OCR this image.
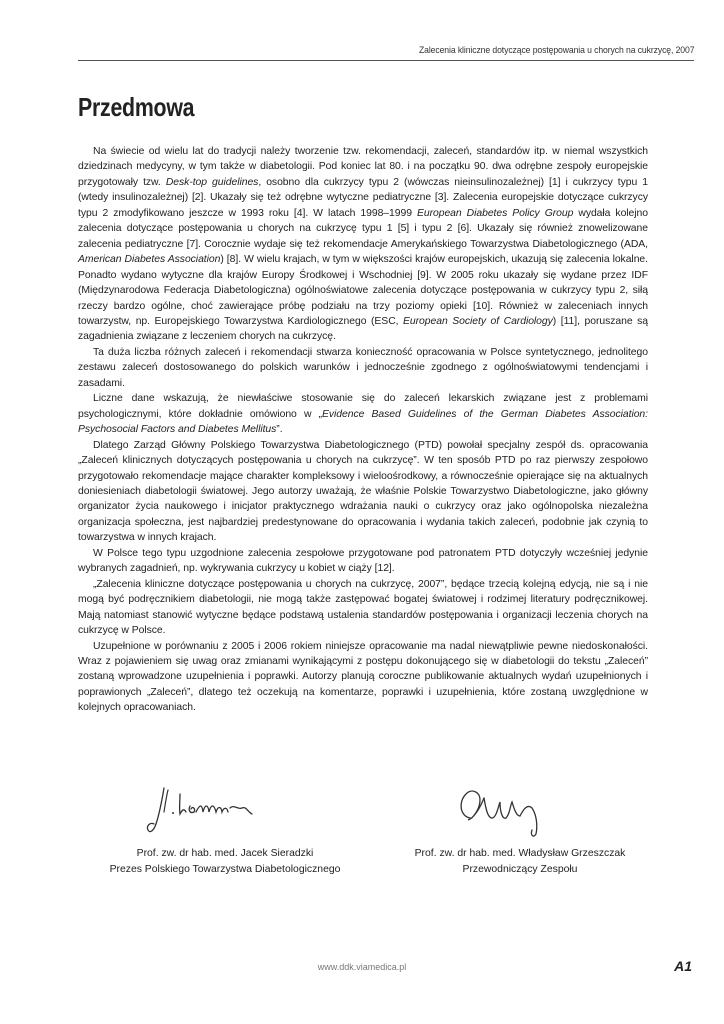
Zalecenia kliniczne dotyczące postępowania u chorych na cukrzycę, 2007
Przedmowa

Na świecie od wielu lat do tradycji należy tworzenie tzw. rekomendacji, zaleceń, standardów itp. w niemal wszystkich dziedzinach medycyny, w tym także w diabetologii. Pod koniec lat 80. i na początku 90. dwa odrębne zespoły europejskie przygotowały tzw. Desk-top guidelines, osobno dla cukrzycy typu 2 (wówczas nieinsulinozależnej) [1] i cukrzycy typu 1 (wtedy insulinozależnej) [2]. Ukazały się też odrębne wytyczne pediatryczne [3]. Zalecenia europejskie dotyczące cukrzycy typu 2 zmodyfikowano jeszcze w 1993 roku [4]. W latach 1998–1999 European Diabetes Policy Group wydała kolejno zalecenia dotyczące postępowania u chorych na cukrzycę typu 1 [5] i typu 2 [6]. Ukazały się również znowelizowane zalecenia pediatryczne [7]. Corocznie wydaje się też rekomendacje Amerykańskiego Towarzystwa Diabetologicznego (ADA, American Diabetes Association) [8]. W wielu krajach, w tym w większości krajów europejskich, ukazują się zalecenia lokalne. Ponadto wydano wytyczne dla krajów Europy Środkowej i Wschodniej [9]. W 2005 roku ukazały się wydane przez IDF (Międzynarodowa Federacja Diabetologiczna) ogólnoświatowe zalecenia dotyczące postępowania w cukrzycy typu 2, siłą rzeczy bardzo ogólne, choć zawierające próbę podziału na trzy poziomy opieki [10]. Również w zaleceniach innych towarzystw, np. Europejskiego Towarzystwa Kardiologicznego (ESC, European Society of Cardiology) [11], poruszane są zagadnienia związane z leczeniem chorych na cukrzycę.

Ta duża liczba różnych zaleceń i rekomendacji stwarza konieczność opracowania w Polsce syntetycznego, jednolitego zestawu zaleceń dostosowanego do polskich warunków i jednocześnie zgodnego z ogólnoświatowymi tendencjami i zasadami.

Liczne dane wskazują, że niewłaściwe stosowanie się do zaleceń lekarskich związane jest z problemami psychologicznymi, które dokładnie omówiono w „Evidence Based Guidelines of the German Diabetes Association: Psychosocial Factors and Diabetes Mellitus”.

Dlatego Zarząd Główny Polskiego Towarzystwa Diabetologicznego (PTD) powołał specjalny zespół ds. opracowania „Zaleceń klinicznych dotyczących postępowania u chorych na cukrzycę”. W ten sposób PTD po raz pierwszy zespołowo przygotowało rekomendacje mające charakter kompleksowy i wieloośrodkowy, a równocześnie opierające się na aktualnych doniesieniach diabetologii światowej. Jego autorzy uważają, że właśnie Polskie Towarzystwo Diabetologiczne, jako główny organizator życia naukowego i inicjator praktycznego wdrażania nauki o cukrzycy oraz jako ogólnopolska niezależna organizacja społeczna, jest najbardziej predestynowane do opracowania i wydania takich zaleceń, podobnie jak czynią to towarzystwa w innych krajach.

W Polsce tego typu uzgodnione zalecenia zespołowe przygotowane pod patronatem PTD dotyczyły wcześniej jedynie wybranych zagadnień, np. wykrywania cukrzycy u kobiet w ciąży [12].

„Zalecenia kliniczne dotyczące postępowania u chorych na cukrzycę, 2007”, będące trzecią kolejną edycją, nie są i nie mogą być podręcznikiem diabetologii, nie mogą także zastępować bogatej światowej i rodzimej literatury podręcznikowej. Mają natomiast stanowić wytyczne będące podstawą ustalenia standardów postępowania i organizacji leczenia chorych na cukrzycę w Polsce.

Uzupełnione w porównaniu z 2005 i 2006 rokiem niniejsze opracowanie ma nadal niewątpliwie pewne niedoskonałości. Wraz z pojawieniem się uwag oraz zmianami wynikającymi z postępu dokonującego się w diabetologii do tekstu „Zaleceń” zostaną wprowadzone uzupełnienia i poprawki. Autorzy planują coroczne publikowanie aktualnych wydań uzupełnionych i poprawionych „Zaleceń”, dlatego też oczekują na komentarze, poprawki i uzupełnienia, które zostaną uwzględnione w kolejnych opracowaniach.

Prof. zw. dr hab. med. Jacek Sieradzki
Prezes Polskiego Towarzystwa Diabetologicznego
Prof. zw. dr hab. med. Władysław Grzeszczak
Przewodniczący Zespołu
www.ddk.viamedica.pl	A1
